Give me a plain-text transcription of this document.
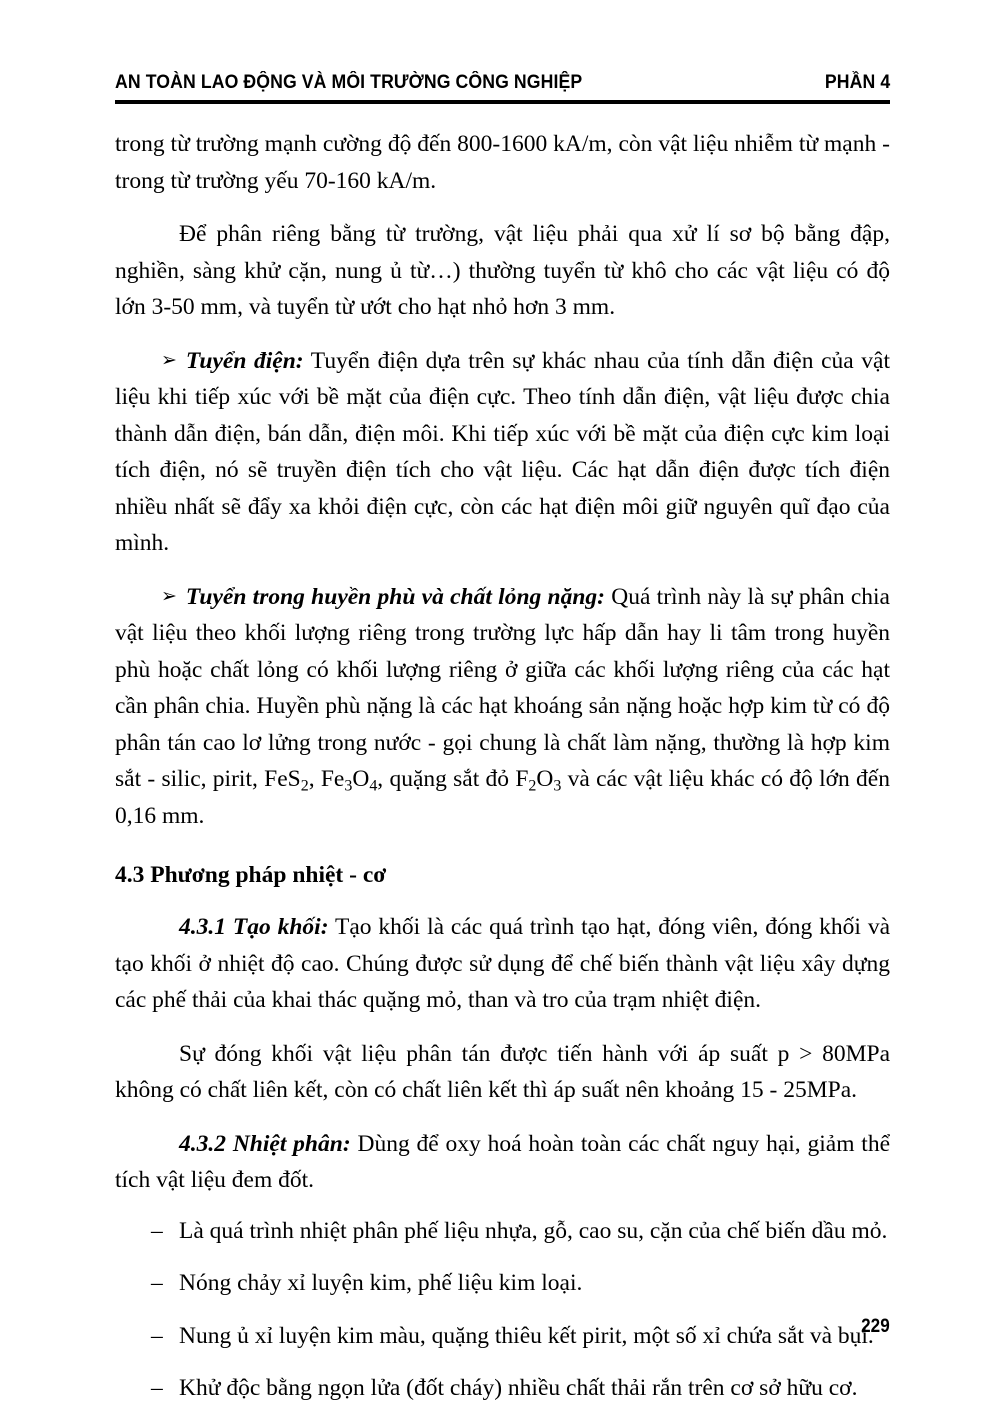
AN TOÀN LAO ĐỘNG VÀ MÔI TRƯỜNG CÔNG NGHIỆP	PHẦN 4

trong từ trường mạnh cường độ đến 800-1600 kA/m, còn vật liệu nhiễm từ mạnh - trong từ trường yếu 70-160 kA/m.

Để phân riêng bằng từ trường, vật liệu phải qua xử lí sơ bộ bằng đập, nghiền, sàng khử cặn, nung ủ từ…) thường tuyển từ khô cho các vật liệu có độ lớn 3-50 mm, và tuyển từ ướt cho hạt nhỏ hơn 3 mm.

➢ Tuyển điện: Tuyển điện dựa trên sự khác nhau của tính dẫn điện của vật liệu khi tiếp xúc với bề mặt của điện cực. Theo tính dẫn điện, vật liệu được chia thành dẫn điện, bán dẫn, điện môi. Khi tiếp xúc với bề mặt của điện cực kim loại tích điện, nó sẽ truyền điện tích cho vật liệu. Các hạt dẫn điện được tích điện nhiều nhất sẽ đẩy xa khỏi điện cực, còn các hạt điện môi giữ nguyên quĩ đạo của mình.

➢ Tuyển trong huyền phù và chất lỏng nặng: Quá trình này là sự phân chia vật liệu theo khối lượng riêng trong trường lực hấp dẫn hay li tâm trong huyền phù hoặc chất lỏng có khối lượng riêng ở giữa các khối lượng riêng của các hạt cần phân chia. Huyền phù nặng là các hạt khoáng sản nặng hoặc hợp kim từ có độ phân tán cao lơ lửng trong nước - gọi chung là chất làm nặng, thường là hợp kim sắt - silic, pirit, FeS$_2$, $Fe_3O_4$, quặng sắt đỏ $F_2O_3$ và các vật liệu khác có độ lớn đến 0,16 mm.

4.3 Phương pháp nhiệt - cơ

4.3.1 Tạo khối: Tạo khối là các quá trình tạo hạt, đóng viên, đóng khối và tạo khối ở nhiệt độ cao. Chúng được sử dụng để chế biến thành vật liệu xây dựng các phế thải của khai thác quặng mỏ, than và tro của trạm nhiệt điện.

Sự đóng khối vật liệu phân tán được tiến hành với áp suất p > 80MPa không có chất liên kết, còn có chất liên kết thì áp suất nên khoảng 15 - 25MPa.

4.3.2 Nhiệt phân: Dùng để oxy hoá hoàn toàn các chất nguy hại, giảm thể tích vật liệu đem đốt.

– Là quá trình nhiệt phân phế liệu nhựa, gỗ, cao su, cặn của chế biến dầu mỏ.
– Nóng chảy xỉ luyện kim, phế liệu kim loại.
– Nung ủ xỉ luyện kim màu, quặng thiêu kết pirit, một số xỉ chứa sắt và bụi.
– Khử độc bằng ngọn lửa (đốt cháy) nhiều chất thải rắn trên cơ sở hữu cơ.
229
